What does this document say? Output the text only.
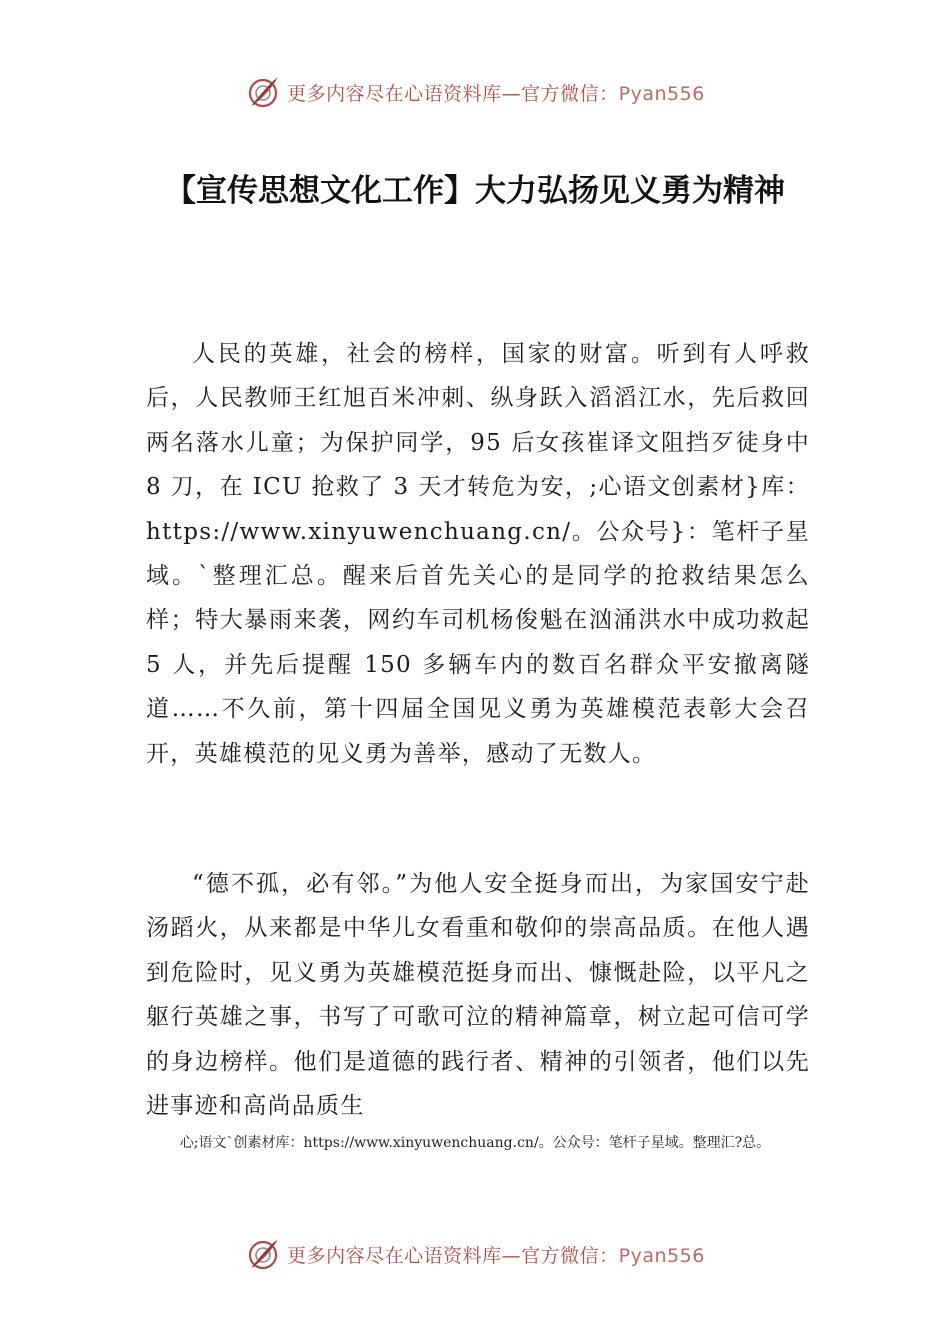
更多内容尽在心语资料库—官方微信：Pyan556
【宣传思想文化工作】大力弘扬见义勇为精神

人民的英雄，社会的榜样，国家的财富。听到有人呼救后，人民教师王红旭百米冲刺、纵身跃入滔滔江水，先后救回两名落水儿童；为保护同学，95 后女孩崔译文阻挡歹徒身中 8 刀，在 ICU 抢救了 3 天才转危为安，;心语文创素材}库：https://www.xinyuwenchuang.cn/。公众号}：笔杆子星域。`整理汇总。醒来后首先关心的是同学的抢救结果怎么样；特大暴雨来袭，网约车司机杨俊魁在汹涌洪水中成功救起 5 人，并先后提醒 150 多辆车内的数百名群众平安撤离隧道……不久前，第十四届全国见义勇为英雄模范表彰大会召开，英雄模范的见义勇为善举，感动了无数人。

“德不孤，必有邻。”为他人安全挺身而出，为家国安宁赴汤蹈火，从来都是中华儿女看重和敬仰的崇高品质。在他人遇到危险时，见义勇为英雄模范挺身而出、慷慨赴险，以平凡之躯行英雄之事，书写了可歌可泣的精神篇章，树立起可信可学的身边榜样。他们是道德的践行者、精神的引领者，他们以先进事迹和高尚品质生

心;语文`创素材库：https://www.xinyuwenchuang.cn/。公众号：笔杆子星域。整理汇?总。
更多内容尽在心语资料库—官方微信：Pyan556
